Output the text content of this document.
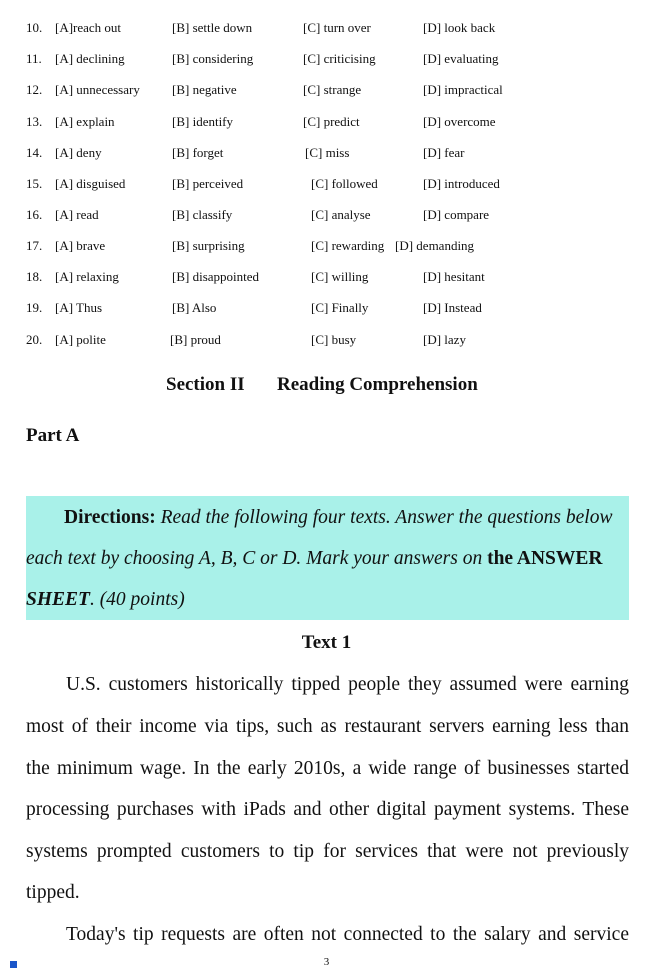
10. [A]reach out	[B] settle down	[C] turn over	[D] look back
11. [A] declining	[B] considering	[C] criticising	[D] evaluating
12. [A] unnecessary [B] negative	[C] strange	[D] impractical
13. [A] explain	[B] identify	[C] predict	[D] overcome
14. [A] deny	[B] forget	[C] miss	[D] fear
15. [A] disguised	[B] perceived	[C] followed	[D] introduced
16. [A] read	[B] classify	[C] analyse	[D] compare
17. [A] brave	[B] surprising	[C] rewarding [D] demanding
18. [A] relaxing	[B] disappointed	[C] willing	[D] hesitant
19. [A] Thus	[B] Also	[C] Finally	[D] Instead
20. [A] polite	[B] proud	[C] busy	[D] lazy
Section II Reading Comprehension
Part A
Directions: Read the following four texts. Answer the questions below
each text by choosing A, B, C or D. Mark your answers on the ANSWER
SHEET. (40 points)
Text 1
U.S. customers historically tipped people they assumed were earning
most of their income via tips, such as restaurant servers earning less than
the minimum wage. In the early 2010s, a wide range of businesses started
processing purchases with iPads and other digital payment systems. These
systems prompted customers to tip for services that were not previously
tipped.
Today's tip requests are often not connected to the salary and service
3
